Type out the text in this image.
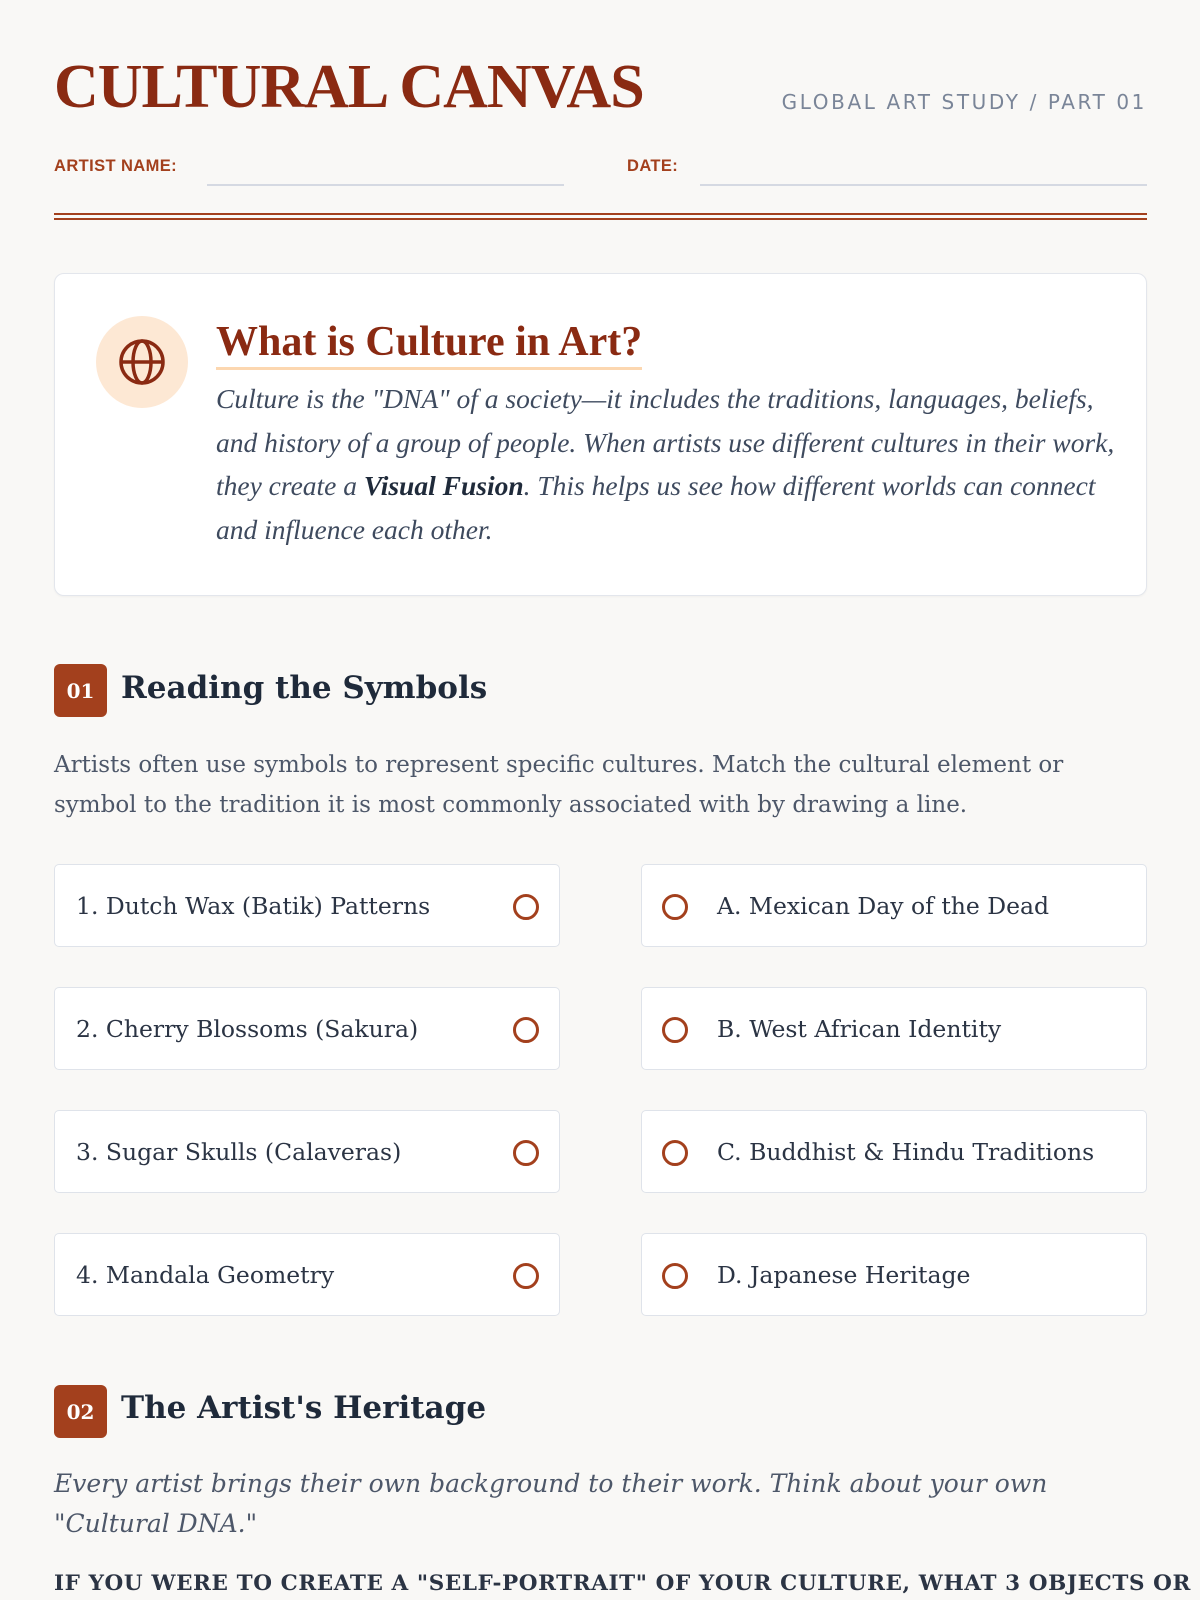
CULTURAL CANVAS	GLOBAL ART STUDY / PART 01
ARTIST NAME:	DATE:
What is Culture in Art?
Culture is the "DNA" of a society—it includes the traditions, languages, beliefs, and history of a group of people. When artists use different cultures in their work, they create a Visual Fusion. This helps us see how different worlds can connect and influence each other.
01 Reading the Symbols
Artists often use symbols to represent specific cultures. Match the cultural element or symbol to the tradition it is most commonly associated with by drawing a line.
1. Dutch Wax (Batik) Patterns	A. Mexican Day of the Dead
2. Cherry Blossoms (Sakura)	B. West African Identity
3. Sugar Skulls (Calaveras)	C. Buddhist & Hindu Traditions
4. Mandala Geometry	D. Japanese Heritage
02 The Artist's Heritage
Every artist brings their own background to their work. Think about your own "Cultural DNA."
IF YOU WERE TO CREATE A "SELF-PORTRAIT" OF YOUR CULTURE, WHAT 3 OBJECTS OR
